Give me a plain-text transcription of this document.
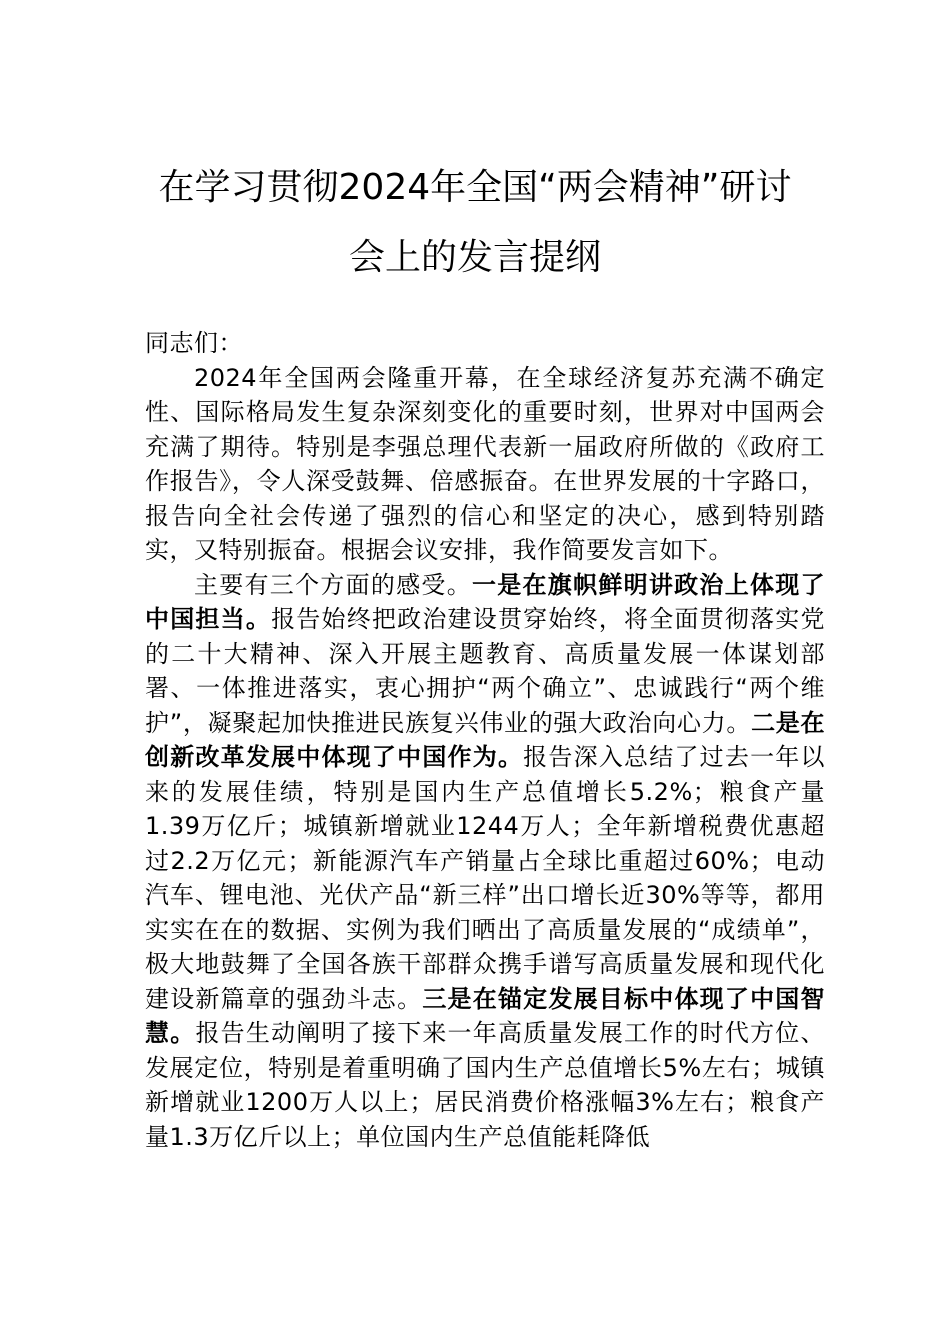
在学习贯彻2024年全国“两会精神”研讨
会上的发言提纲

同志们：

2024年全国两会隆重开幕，在全球经济复苏充满不确定性、国际格局发生复杂深刻变化的重要时刻，世界对中国两会充满了期待。特别是李强总理代表新一届政府所做的《政府工作报告》，令人深受鼓舞、倍感振奋。在世界发展的十字路口，报告向全社会传递了强烈的信心和坚定的决心，感到特别踏实，又特别振奋。根据会议安排，我作简要发言如下。

主要有三个方面的感受。一是在旗帜鲜明讲政治上体现了中国担当。报告始终把政治建设贯穿始终，将全面贯彻落实党的二十大精神、深入开展主题教育、高质量发展一体谋划部署、一体推进落实，衷心拥护“两个确立”、忠诚践行“两个维护”，凝聚起加快推进民族复兴伟业的强大政治向心力。二是在创新改革发展中体现了中国作为。报告深入总结了过去一年以来的发展佳绩，特别是国内生产总值增长5.2%；粮食产量1.39万亿斤；城镇新增就业1244万人；全年新增税费优惠超过2.2万亿元；新能源汽车产销量占全球比重超过60%；电动汽车、锂电池、光伏产品“新三样”出口增长近30%等等，都用实实在在的数据、实例为我们晒出了高质量发展的“成绩单”，极大地鼓舞了全国各族干部群众携手谱写高质量发展和现代化建设新篇章的强劲斗志。三是在锚定发展目标中体现了中国智慧。报告生动阐明了接下来一年高质量发展工作的时代方位、发展定位，特别是着重明确了国内生产总值增长5%左右；城镇新增就业1200万人以上；居民消费价格涨幅3%左右；粮食产量1.3万亿斤以上；单位国内生产总值能耗降低
